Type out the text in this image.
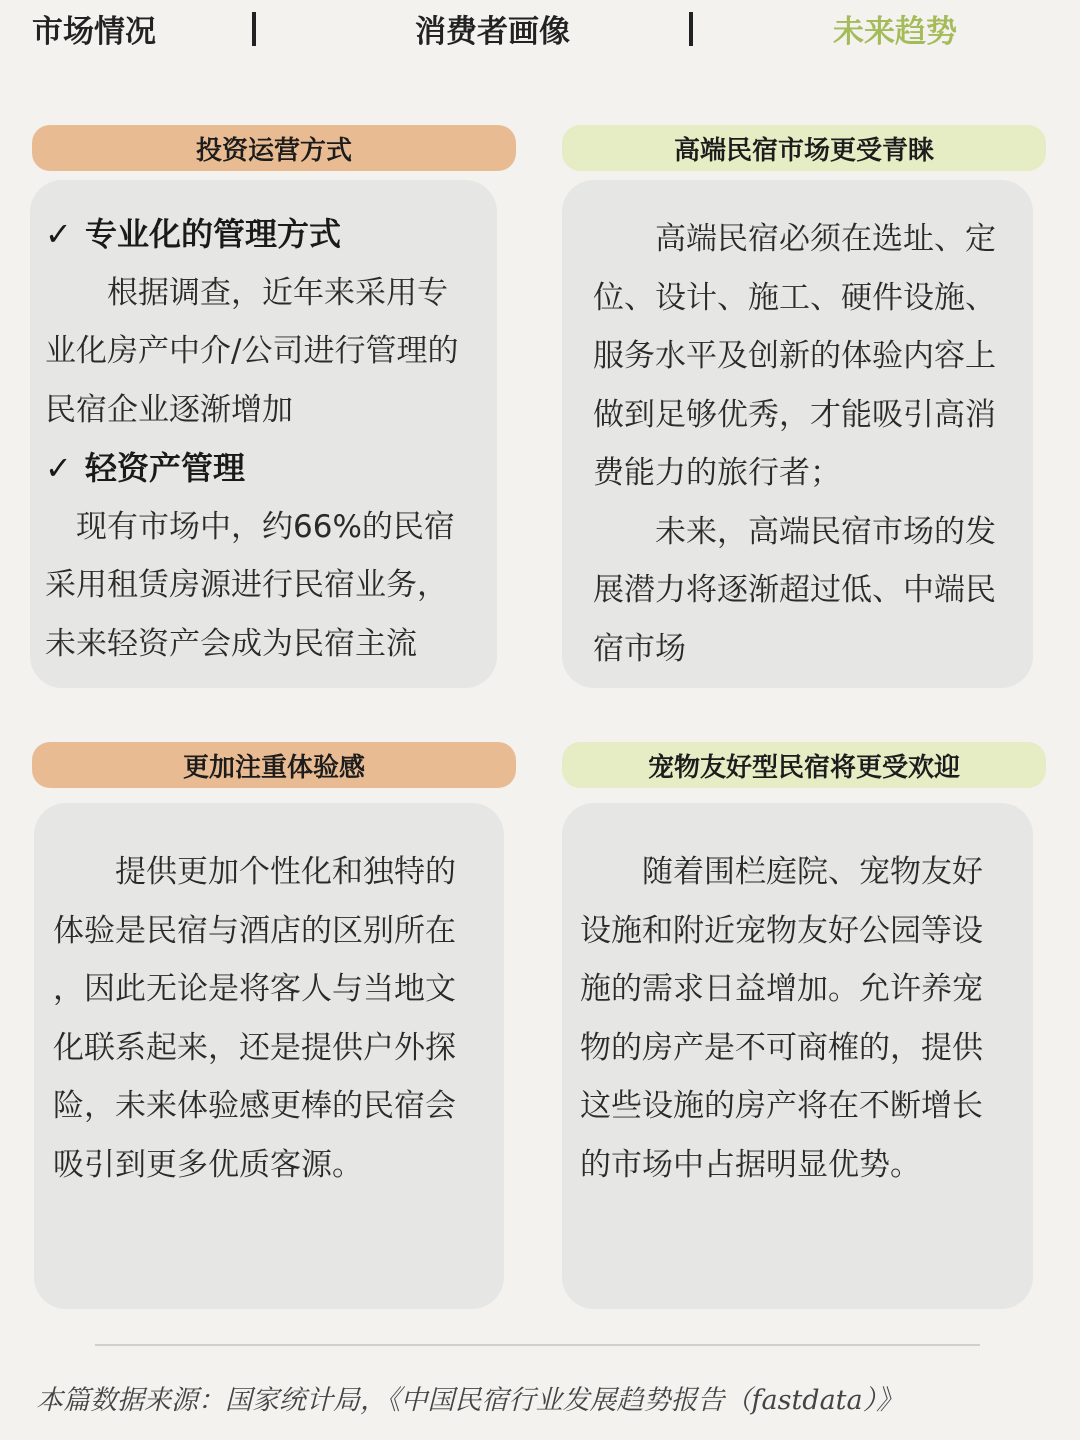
市场情况	消费者画像	未来趋势
投资运营方式
✓ 专业化的管理方式
　　根据调查，近年来采用专
业化房产中介/公司进行管理的
民宿企业逐渐增加
✓ 轻资产管理
　现有市场中，约66%的民宿
采用租赁房源进行民宿业务，
未来轻资产会成为民宿主流
高端民宿市场更受青睐
　　高端民宿必须在选址、定
位、设计、施工、硬件设施、
服务水平及创新的体验内容上
做到足够优秀，才能吸引高消
费能力的旅行者；
　　未来，高端民宿市场的发
展潜力将逐渐超过低、中端民
宿市场
更加注重体验感
　　提供更加个性化和独特的
体验是民宿与酒店的区别所在
，因此无论是将客人与当地文
化联系起来，还是提供户外探
险，未来体验感更棒的民宿会
吸引到更多优质客源。
宠物友好型民宿将更受欢迎
　　随着围栏庭院、宠物友好
设施和附近宠物友好公园等设
施的需求日益增加。允许养宠
物的房产是不可商榷的，提供
这些设施的房产将在不断增长
的市场中占据明显优势。
本篇数据来源：国家统计局，《中国民宿行业发展趋势报告（fastdata）》
